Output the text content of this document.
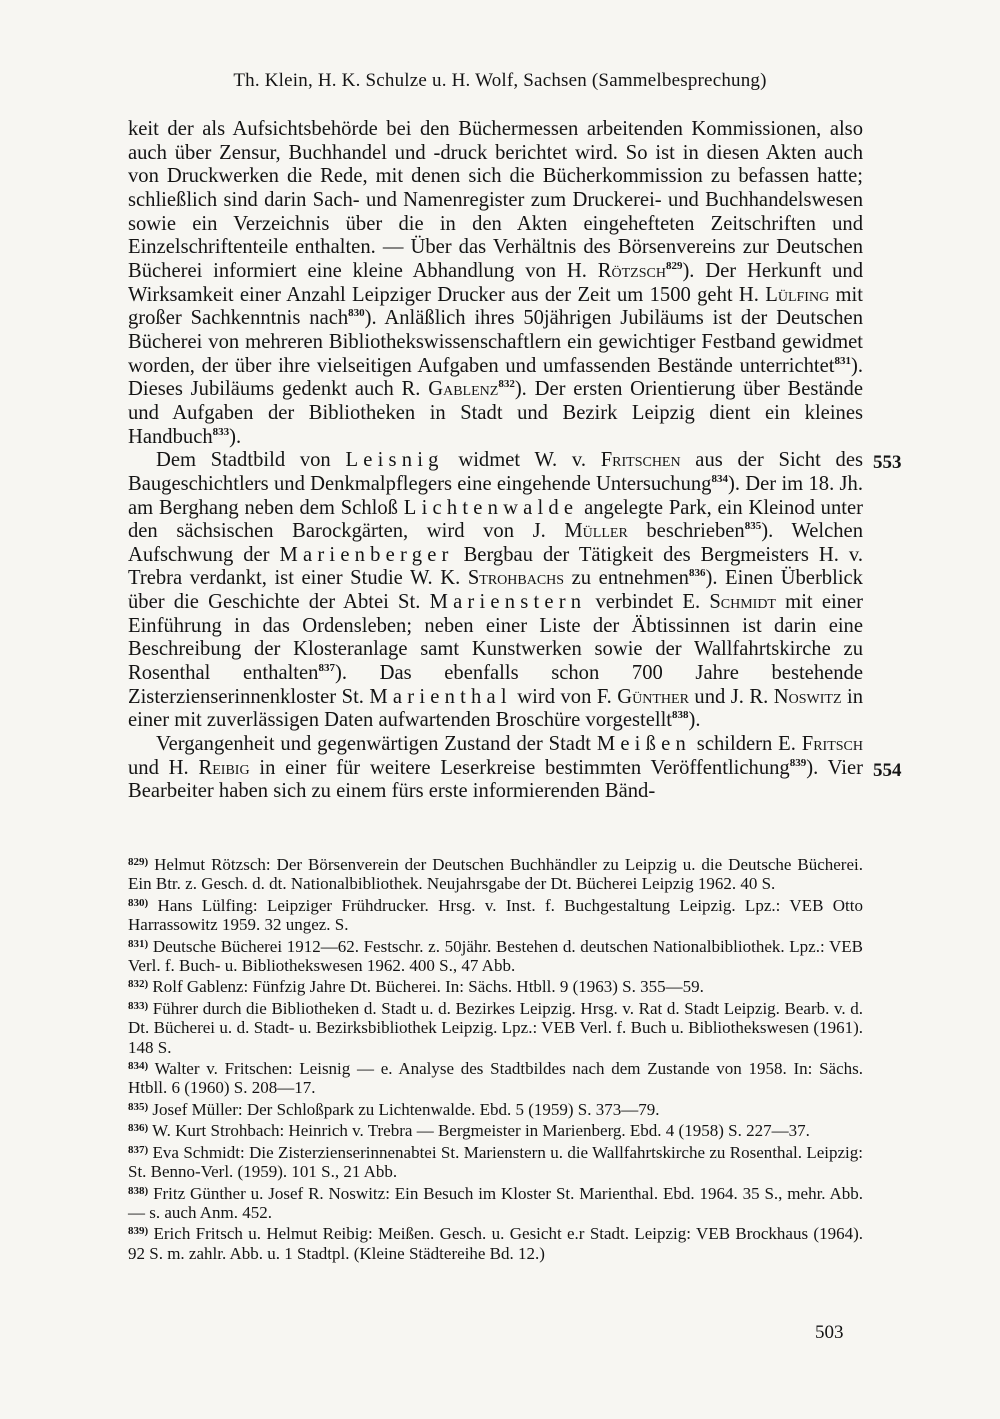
Th. Klein, H. K. Schulze u. H. Wolf, Sachsen (Sammelbesprechung)

keit der als Aufsichtsbehörde bei den Büchermessen arbeitenden Kommissionen, also auch über Zensur, Buchhandel und -druck berichtet wird. So ist in diesen Akten auch von Druckwerken die Rede, mit denen sich die Bücherkommission zu befassen hatte; schließlich sind darin Sach- und Namenregister zum Druckerei- und Buchhandelswesen sowie ein Verzeichnis über die in den Akten eingehefteten Zeitschriften und Einzelschriftenteile enthalten. — Über das Verhältnis des Börsenvereins zur Deutschen Bücherei informiert eine kleine Abhandlung von H. Rötzsch$^{829}$). Der Herkunft und Wirksamkeit einer Anzahl Leipziger Drucker aus der Zeit um 1500 geht H. Lülfing mit großer Sachkenntnis nach$^{830}$). Anläßlich ihres 50jährigen Jubiläums ist der Deutschen Bücherei von mehreren Bibliothekswissenschaftlern ein gewichtiger Festband gewidmet worden, der über ihre vielseitigen Aufgaben und umfassenden Bestände unterrichtet$^{831}$). Dieses Jubiläums gedenkt auch R. Gablenz$^{832}$). Der ersten Orientierung über Bestände und Aufgaben der Bibliotheken in Stadt und Bezirk Leipzig dient ein kleines Handbuch$^{833}$).

Dem Stadtbild von Leisnig widmet W. v. Fritschen aus der Sicht des Baugeschichtlers und Denkmalpflegers eine eingehende Untersuchung$^{834}$). Der im 18. Jh. am Berghang neben dem Schloß Lichtenwalde angelegte Park, ein Kleinod unter den sächsischen Barockgärten, wird von J. Müller beschrieben$^{835}$). Welchen Aufschwung der Marienberger Bergbau der Tätigkeit des Bergmeisters H. v. Trebra verdankt, ist einer Studie W. K. Strohbachs zu entnehmen$^{836}$). Einen Überblick über die Geschichte der Abtei St. Marienstern verbindet E. Schmidt mit einer Einführung in das Ordensleben; neben einer Liste der Äbtissinnen ist darin eine Beschreibung der Klosteranlage samt Kunstwerken sowie der Wallfahrtskirche zu Rosenthal enthalten$^{837}$). Das ebenfalls schon 700 Jahre bestehende Zisterzienserinnenkloster St. Marienthal wird von F. Günther und J. R. Noswitz in einer mit zuverlässigen Daten aufwartenden Broschüre vorgestellt$^{838}$).

Vergangenheit und gegenwärtigen Zustand der Stadt Meißen schildern E. Fritsch und H. Reibig in einer für weitere Leserkreise bestimmten Veröffentlichung$^{839}$). Vier Bearbeiter haben sich zu einem fürs erste informierenden Bänd-

553
554

$^{829)}$ Helmut Rötzsch: Der Börsenverein der Deutschen Buchhändler zu Leipzig u. die Deutsche Bücherei. Ein Btr. z. Gesch. d. dt. Nationalbibliothek. Neujahrsgabe der Dt. Bücherei Leipzig 1962. 40 S.

$^{830)}$ Hans Lülfing: Leipziger Frühdrucker. Hrsg. v. Inst. f. Buchgestaltung Leipzig. Lpz.: VEB Otto Harrassowitz 1959. 32 ungez. S.

$^{831)}$ Deutsche Bücherei 1912—62. Festschr. z. 50jähr. Bestehen d. deutschen Nationalbibliothek. Lpz.: VEB Verl. f. Buch- u. Bibliothekswesen 1962. 400 S., 47 Abb.

$^{832)}$ Rolf Gablenz: Fünfzig Jahre Dt. Bücherei. In: Sächs. Htbll. 9 (1963) S. 355—59.

$^{833)}$ Führer durch die Bibliotheken d. Stadt u. d. Bezirkes Leipzig. Hrsg. v. Rat d. Stadt Leipzig. Bearb. v. d. Dt. Bücherei u. d. Stadt- u. Bezirksbibliothek Leipzig. Lpz.: VEB Verl. f. Buch u. Bibliothekswesen (1961). 148 S.

$^{834)}$ Walter v. Fritschen: Leisnig — e. Analyse des Stadtbildes nach dem Zustande von 1958. In: Sächs. Htbll. 6 (1960) S. 208—17.

$^{835)}$ Josef Müller: Der Schloßpark zu Lichtenwalde. Ebd. 5 (1959) S. 373—79.

$^{836)}$ W. Kurt Strohbach: Heinrich v. Trebra — Bergmeister in Marienberg. Ebd. 4 (1958) S. 227—37.

$^{837)}$ Eva Schmidt: Die Zisterzienserinnenabtei St. Marienstern u. die Wallfahrtskirche zu Rosenthal. Leipzig: St. Benno-Verl. (1959). 101 S., 21 Abb.

$^{838)}$ Fritz Günther u. Josef R. Noswitz: Ein Besuch im Kloster St. Marienthal. Ebd. 1964. 35 S., mehr. Abb. — s. auch Anm. 452.

$^{839)}$ Erich Fritsch u. Helmut Reibig: Meißen. Gesch. u. Gesicht e.r Stadt. Leipzig: VEB Brockhaus (1964). 92 S. m. zahlr. Abb. u. 1 Stadtpl. (Kleine Städtereihe Bd. 12.)

503
